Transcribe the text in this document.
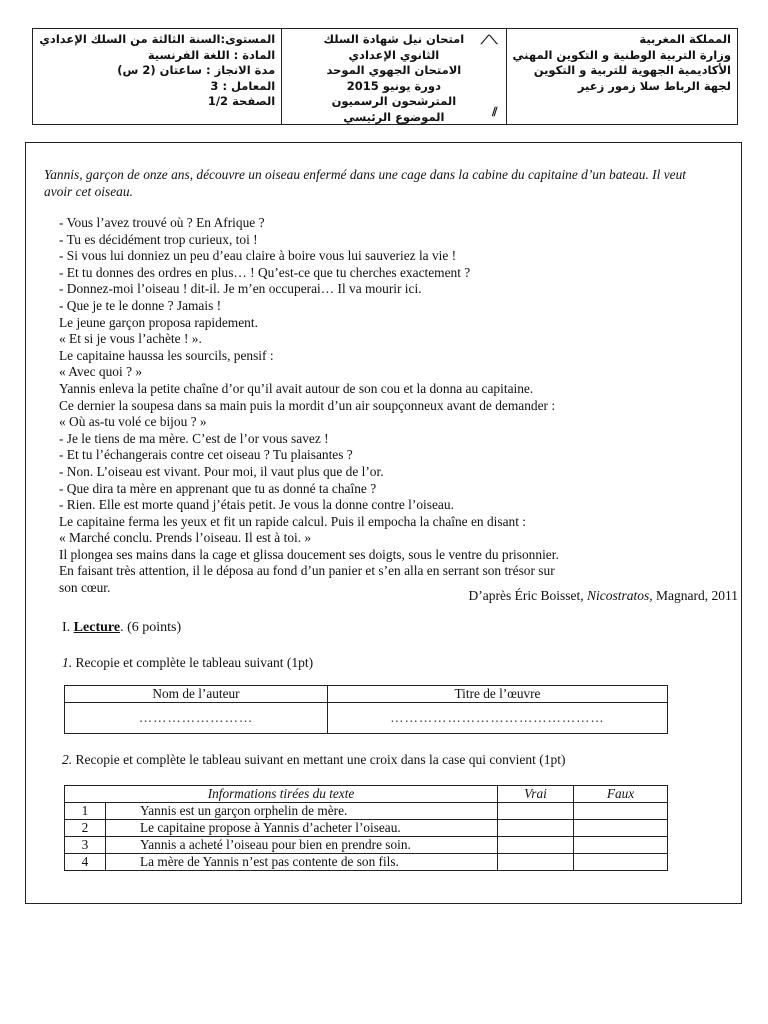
المستوى:السنة الثالثة من السلك الإعدادي
المادة : اللغة الفرنسية
مدة الانجاز : ساعتان (2 س)
المعامل : 3
الصفحة 1/2
⟋⟍
امتحان نيل شهادة السلك
الثانوي الإعدادي
الامتحان الجهوي الموحد
دورة يونيو 2015
المترشحون الرسميون
الموضوع الرئيسي	⫽
المملكة المغربية
وزارة التربية الوطنية و التكوين المهني
الأكاديمية الجهوية للتربية و التكوين
لجهة الرباط سلا زمور زعير
Yannis, garçon de onze ans, découvre un oiseau enfermé dans une cage dans la cabine du capitaine d’un bateau. Il veut avoir cet oiseau.
- Vous l’avez trouvé où ? En Afrique ?
- Tu es décidément trop curieux, toi !
- Si vous lui donniez un peu d’eau claire à boire vous lui sauveriez la vie !
- Et tu donnes des ordres en plus… ! Qu’est-ce que tu cherches exactement ?
- Donnez-moi l’oiseau ! dit-il. Je m’en occuperai… Il va mourir ici.
- Que je te le donne ? Jamais !
Le jeune garçon proposa rapidement.
« Et si je vous l’achète ! ».
Le capitaine haussa les sourcils, pensif :
« Avec quoi ? »
Yannis enleva la petite chaîne d’or qu’il avait autour de son cou et la donna au capitaine.
Ce dernier la soupesa dans sa main puis la mordit d’un air soupçonneux avant de demander :
« Où as-tu volé ce bijou ? »
- Je le tiens de ma mère. C’est de l’or vous savez !
- Et tu l’échangerais contre cet oiseau ? Tu plaisantes ?
- Non. L’oiseau est vivant. Pour moi, il vaut plus que de l’or.
- Que dira ta mère en apprenant que tu as donné ta chaîne ?
- Rien. Elle est morte quand j’étais petit. Je vous la donne contre l’oiseau.
Le capitaine ferma les yeux et fit un rapide calcul. Puis il empocha la chaîne en disant :
« Marché conclu. Prends l’oiseau. Il est à toi. »
Il plongea ses mains dans la cage et glissa doucement ses doigts, sous le ventre du prisonnier.
En faisant très attention, il le déposa au fond d’un panier et s’en alla en serrant son trésor sur
son cœur.
D’après Éric Boisset, Nicostratos, Magnard, 2011
I. Lecture. (6 points)
1. Recopie et complète le tableau suivant (1pt)
Nom de l’auteur	Titre de l’œuvre
……………………	………………………………………
2. Recopie et complète le tableau suivant en mettant une croix dans la case qui convient (1pt)
Informations tirées du texte		Vrai	Faux
1	Yannis est un garçon orphelin de mère.		
2	Le capitaine propose à Yannis d’acheter l’oiseau.		
3	Yannis a acheté l’oiseau pour bien en prendre soin.		
4	La mère de Yannis n’est pas contente de son fils.		
